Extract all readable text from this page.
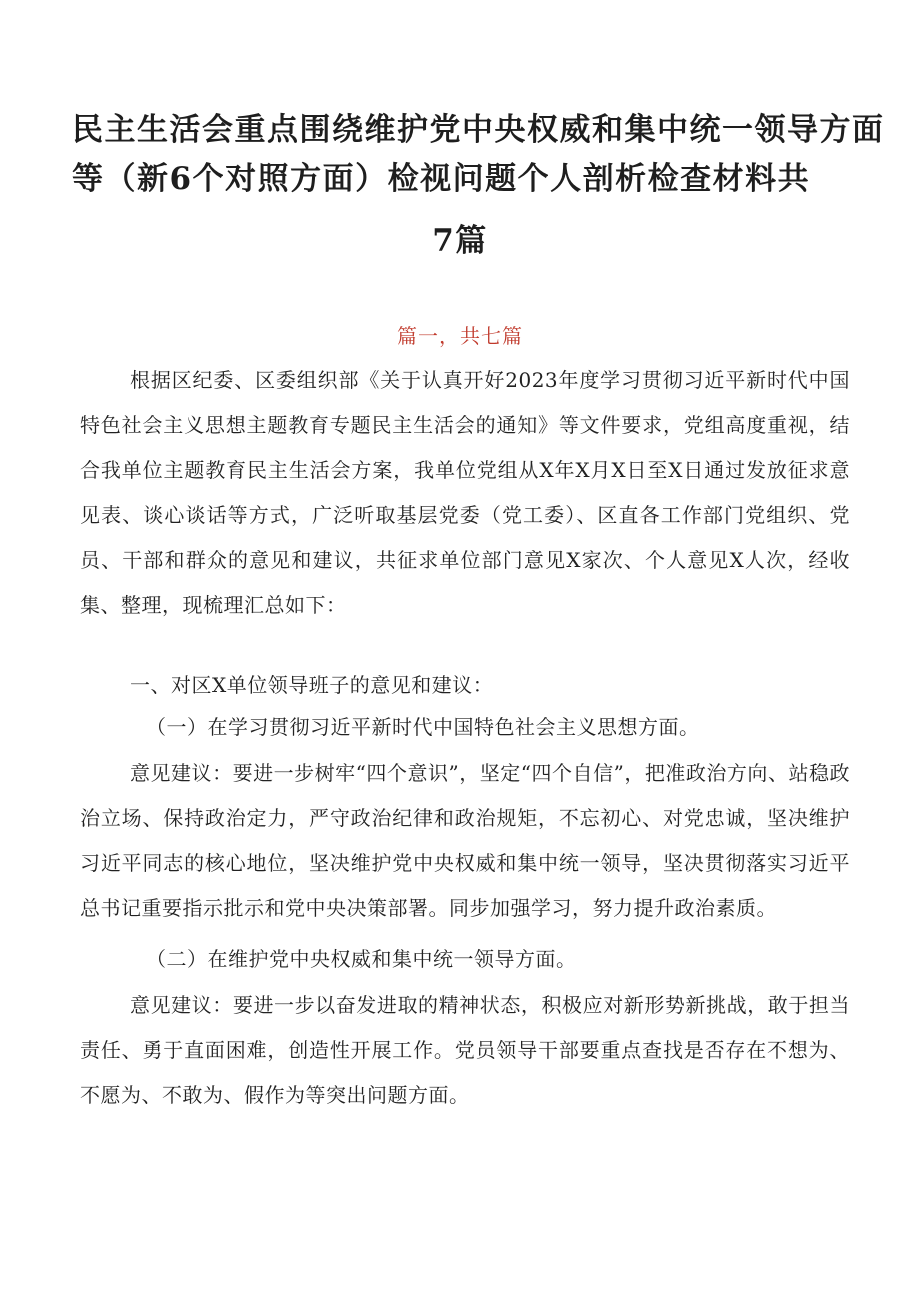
民主生活会重点围绕维护党中央权威和集中统一领导方面
等（新6个对照方面）检视问题个人剖析检查材料共
7篇
篇一，共七篇
根据区纪委、区委组织部《关于认真开好2023年度学习贯彻习近平新时代中国特色社会主义思想主题教育专题民主生活会的通知》等文件要求，党组高度重视，结合我单位主题教育民主生活会方案，我单位党组从X年X月X日至X日通过发放征求意见表、谈心谈话等方式，广泛听取基层党委（党工委）、区直各工作部门党组织、党员、干部和群众的意见和建议，共征求单位部门意见X家次、个人意见X人次，经收集、整理，现梳理汇总如下：
一、对区X单位领导班子的意见和建议：
（一）在学习贯彻习近平新时代中国特色社会主义思想方面。
意见建议：要进一步树牢“四个意识”，坚定“四个自信”，把准政治方向、站稳政治立场、保持政治定力，严守政治纪律和政治规矩，不忘初心、对党忠诚，坚决维护习近平同志的核心地位，坚决维护党中央权威和集中统一领导，坚决贯彻落实习近平总书记重要指示批示和党中央决策部署。同步加强学习，努力提升政治素质。
（二）在维护党中央权威和集中统一领导方面。
意见建议：要进一步以奋发进取的精神状态，积极应对新形势新挑战，敢于担当责任、勇于直面困难，创造性开展工作。党员领导干部要重点查找是否存在不想为、不愿为、不敢为、假作为等突出问题方面。
